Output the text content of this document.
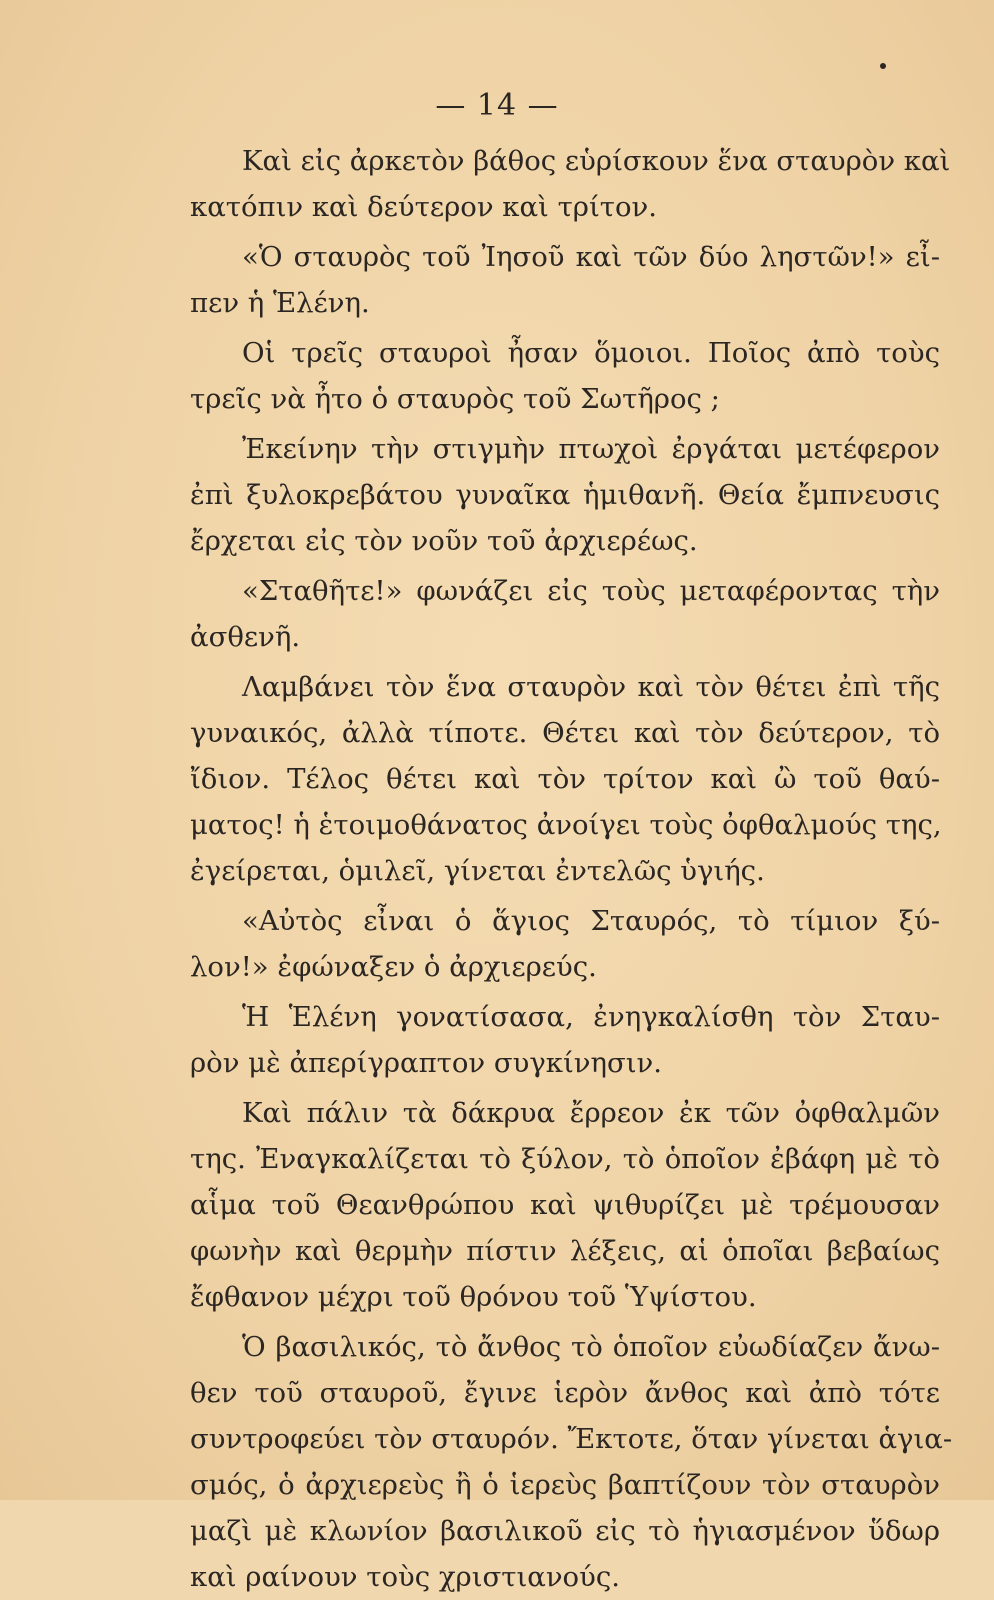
— 14 —
Καὶ εἰς ἀρκετὸν βάθος εὑρίσκουν ἕνα σταυρὸν καὶ
κατόπιν καὶ δεύτερον καὶ τρίτον.
«Ὁ σταυρὸς τοῦ Ἰησοῦ καὶ τῶν δύο ληστῶν!» εἶ-
πεν ἡ Ἑλένη.
Οἱ τρεῖς σταυροὶ ἦσαν ὅμοιοι. Ποῖος ἀπὸ τοὺς
τρεῖς νὰ ἦτο ὁ σταυρὸς τοῦ Σωτῆρος ;
Ἐκείνην τὴν στιγμὴν πτωχοὶ ἐργάται μετέφερον
ἐπὶ ξυλοκρεβάτου γυναῖκα ἡμιθανῆ. Θεία ἔμπνευσις
ἔρχεται εἰς τὸν νοῦν τοῦ ἀρχιερέως.
«Σταθῆτε!» φωνάζει εἰς τοὺς μεταφέροντας τὴν
ἀσθενῆ.
Λαμβάνει τὸν ἕνα σταυρὸν καὶ τὸν θέτει ἐπὶ τῆς
γυναικός, ἀλλὰ τίποτε. Θέτει καὶ τὸν δεύτερον, τὸ
ἴδιον. Τέλος θέτει καὶ τὸν τρίτον καὶ ὢ τοῦ θαύ-
ματος! ἡ ἑτοιμοθάνατος ἀνοίγει τοὺς ὀφθαλμούς της,
ἐγείρεται, ὁμιλεῖ, γίνεται ἐντελῶς ὑγιής.
«Αὐτὸς εἶναι ὁ ἅγιος Σταυρός, τὸ τίμιον ξύ-
λον!» ἐφώναξεν ὁ ἀρχιερεύς.
Ἡ Ἑλένη γονατίσασα, ἐνηγκαλίσθη τὸν Σταυ-
ρὸν μὲ ἀπερίγραπτον συγκίνησιν.
Καὶ πάλιν τὰ δάκρυα ἔρρεον ἐκ τῶν ὀφθαλμῶν
της. Ἐναγκαλίζεται τὸ ξύλον, τὸ ὁποῖον ἐβάφη μὲ τὸ
αἷμα τοῦ Θεανθρώπου καὶ ψιθυρίζει μὲ τρέμουσαν
φωνὴν καὶ θερμὴν πίστιν λέξεις, αἱ ὁποῖαι βεβαίως
ἔφθανον μέχρι τοῦ θρόνου τοῦ Ὑψίστου.
Ὁ βασιλικός, τὸ ἄνθος τὸ ὁποῖον εὐωδίαζεν ἄνω-
θεν τοῦ σταυροῦ, ἔγινε ἱερὸν ἄνθος καὶ ἀπὸ τότε
συντροφεύει τὸν σταυρόν. Ἔκτοτε, ὅταν γίνεται ἁγια-
σμός, ὁ ἀρχιερεὺς ἢ ὁ ἱερεὺς βαπτίζουν τὸν σταυρὸν
μαζὶ μὲ κλωνίον βασιλικοῦ εἰς τὸ ἡγιασμένον ὕδωρ
καὶ ραίνουν τοὺς χριστιανούς.
